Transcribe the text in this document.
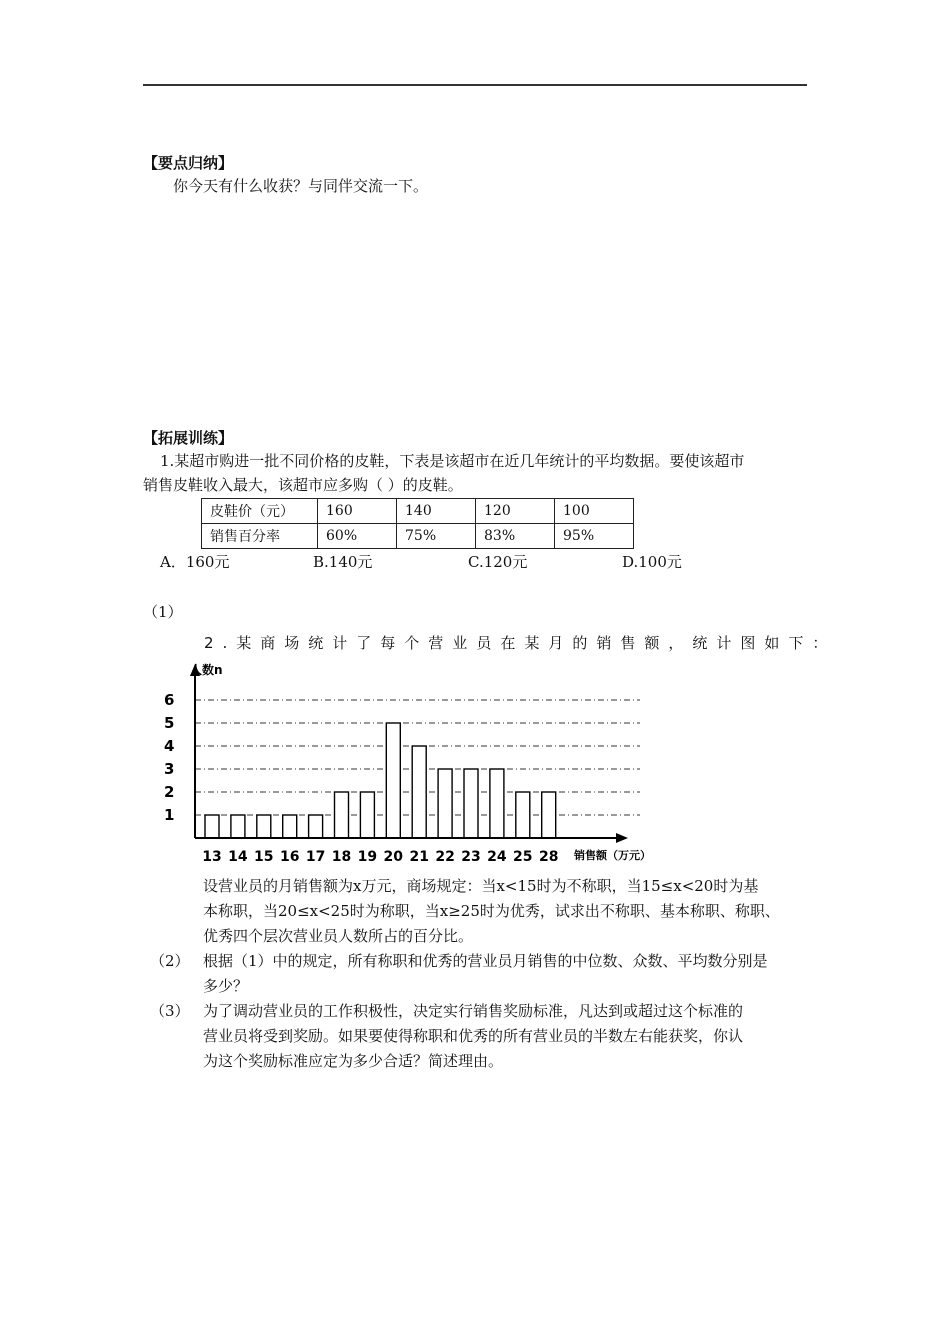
【要点归纳】
你今天有什么收获？与同伴交流一下。
【拓展训练】
1.某超市购进一批不同价格的皮鞋，下表是该超市在近几年统计的平均数据。要使该超市
销售皮鞋收入最大，该超市应多购（ ）的皮鞋。
皮鞋价（元）	160	140	120	100
销售百分率	60%	75%	83%	95%
A．160元	B.140元	C.120元	D.100元
（1）
2.某商场统计了每个营业员在某月的销售额，统计图如下：
人数n
销售额（万元）
1
2
3
4
5
6
13 14 15 16 17 18 19 20 21 22 23 24 25 28
设营业员的月销售额为x万元，商场规定：当x<15时为不称职，当15≤x<20时为基
本称职，当20≤x<25时为称职，当x≥25时为优秀，试求出不称职、基本称职、称职、
优秀四个层次营业员人数所占的百分比。
（2） 根据（1）中的规定，所有称职和优秀的营业员月销售的中位数、众数、平均数分别是
多少？
（3） 为了调动营业员的工作积极性，决定实行销售奖励标准，凡达到或超过这个标准的
营业员将受到奖励。如果要使得称职和优秀的所有营业员的半数左右能获奖，你认
为这个奖励标准应定为多少合适？简述理由。
